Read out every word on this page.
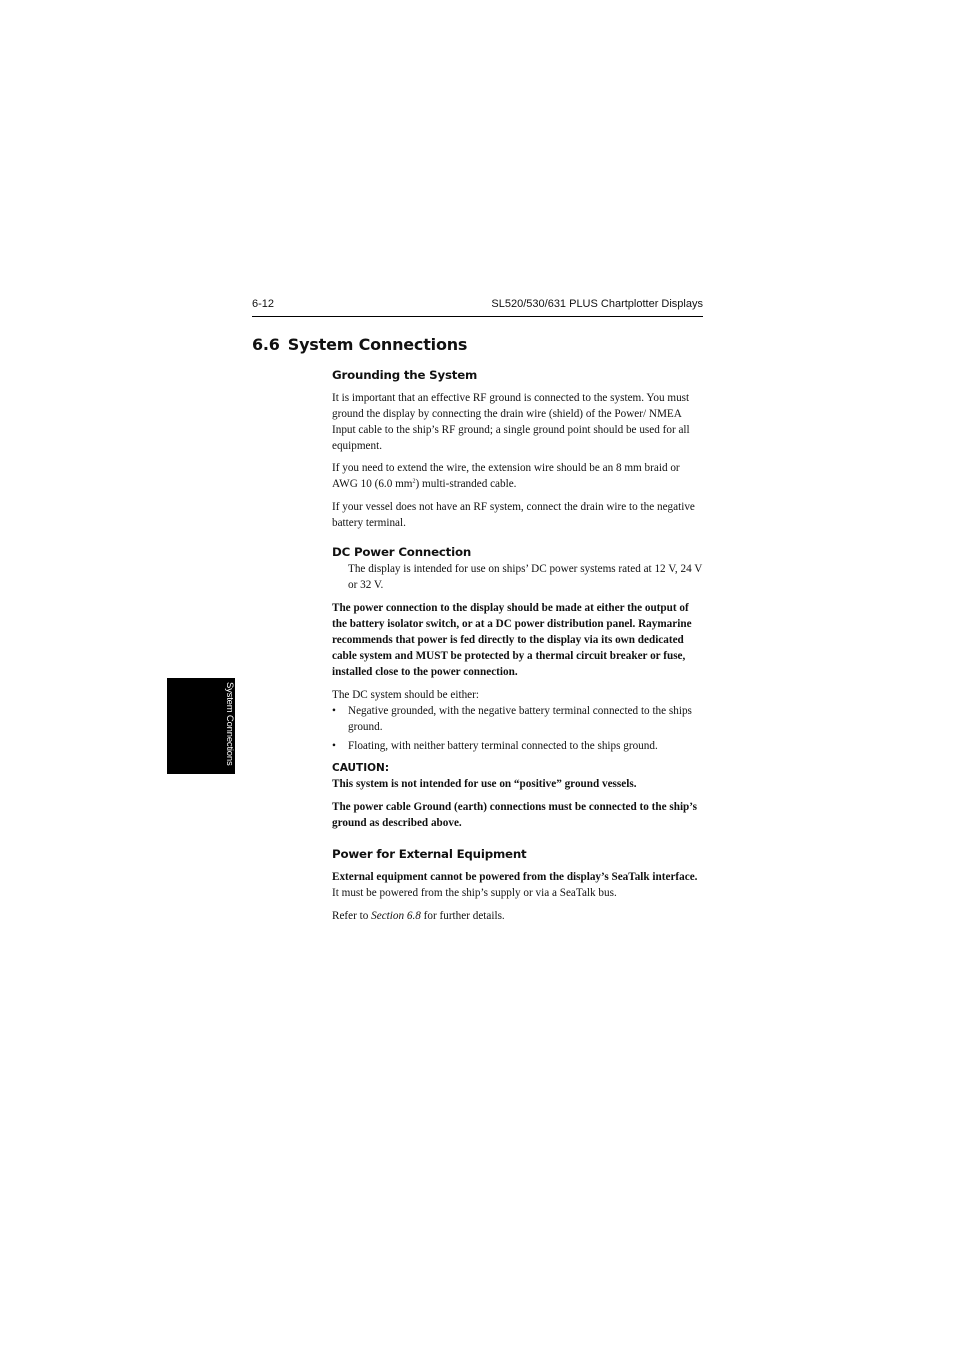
6-12	SL520/530/631 PLUS Chartplotter Displays
6.6 System Connections
System Connections
Grounding the System

It is important that an effective RF ground is connected to the system. You must ground the display by connecting the drain wire (shield) of the Power/ NMEA Input cable to the ship’s RF ground; a single ground point should be used for all equipment.

If you need to extend the wire, the extension wire should be an 8 mm braid or AWG 10 (6.0 $mm^2$) multi-stranded cable.

If your vessel does not have an RF system, connect the drain wire to the negative battery terminal.

DC Power Connection

The display is intended for use on ships’ DC power systems rated at 12 V, 24 V or 32 V.

The power connection to the display should be made at either the output of the battery isolator switch, or at a DC power distribution panel. Raymarine recommends that power is fed directly to the display via its own dedicated cable system and MUST be protected by a thermal circuit breaker or fuse, installed close to the power connection.

The DC system should be either:

• Negative grounded, with the negative battery terminal connected to the ships ground.
• Floating, with neither battery terminal connected to the ships ground.

CAUTION:

This system is not intended for use on “positive” ground vessels.

The power cable Ground (earth) connections must be connected to the ship’s ground as described above.

Power for External Equipment

External equipment cannot be powered from the display’s SeaTalk interface.

It must be powered from the ship’s supply or via a SeaTalk bus.

Refer to Section 6.8 for further details.
